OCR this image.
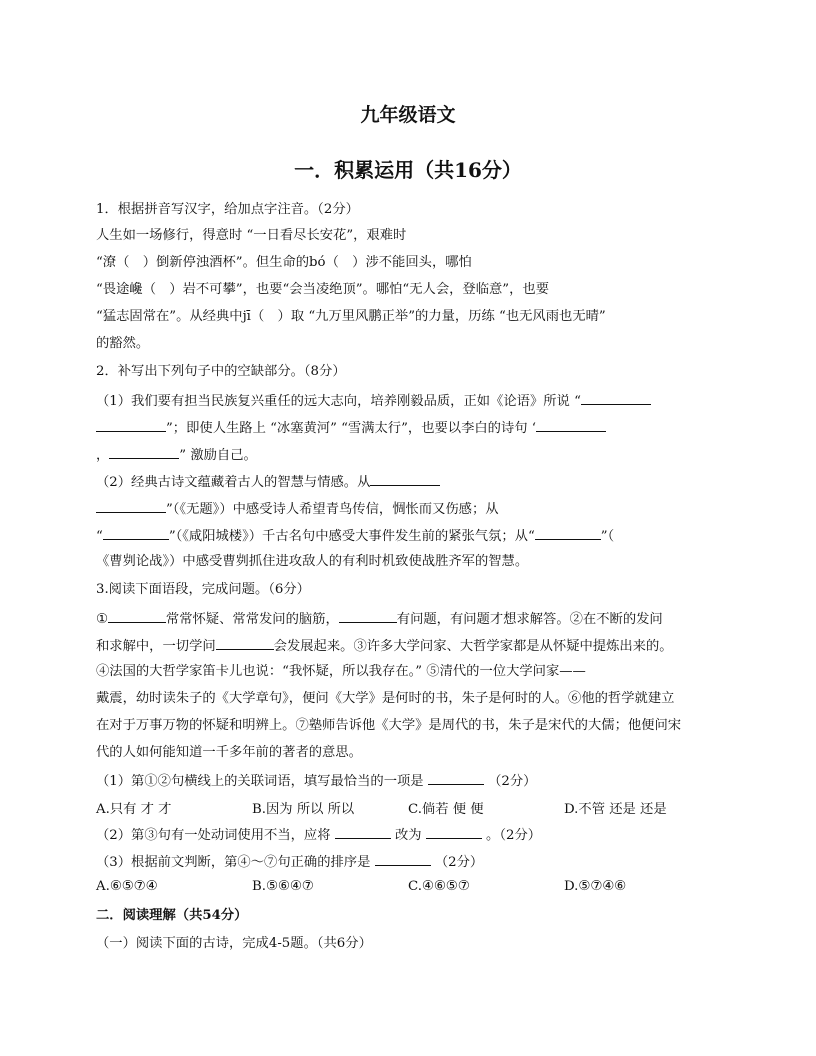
九年级语文
一．积累运用（共16分）
1．根据拼音写汉字，给加点字注音。（2分）
人生如一场修行，得意时 “一日看尽长安花”，艰难时
“潦（　）倒新停浊酒杯”。但生命的bó（　）涉不能回头，哪怕
“畏途巉（　）岩不可攀”，也要“会当凌绝顶”。哪怕“无人会，登临意”，也要
“猛志固常在”。从经典中jī（　）取 “九万里风鹏正举”的力量，历练 “也无风雨也无晴”
的豁然。
2．补写出下列句子中的空缺部分。（8分）
（1）我们要有担当民族复兴重任的远大志向，培养刚毅品质，正如《论语》所说 “
”；即使人生路上 “冰塞黄河” “雪满太行”，也要以李白的诗句 ‘
，	” 激励自己。
（2）经典古诗文蕴藏着古人的智慧与情感。从
”（《无题》）中感受诗人希望青鸟传信，惆怅而又伤感；从
“	”（《咸阳城楼》）千古名句中感受大事件发生前的紧张气氛；从“	”（
《曹刿论战》）中感受曹刿抓住进攻敌人的有利时机致使战胜齐军的智慧。
3.阅读下面语段，完成问题。（6分）
①	常常怀疑、常常发问的脑筋，	有问题，有问题才想求解答。②在不断的发问
和求解中，一切学问	会发展起来。③许多大学问家、大哲学家都是从怀疑中提炼出来的。
④法国的大哲学家笛卡儿也说：“我怀疑，所以我存在。” ⑤清代的一位大学问家——
戴震，幼时读朱子的《大学章句》，便问《大学》是何时的书，朱子是何时的人。⑥他的哲学就建立
在对于万事万物的怀疑和明辨上。⑦塾师告诉他《大学》是周代的书，朱子是宋代的大儒；他便问宋
代的人如何能知道一千多年前的著者的意思。
（1）第①②句横线上的关联词语，填写最恰当的一项是	（2分）
A.只有 才 才	B.因为 所以 所以	C.倘若 便 便	D.不管 还是 还是
（2）第③句有一处动词使用不当，应将	改为	。（2分）
（3）根据前文判断，第④～⑦句正确的排序是	（2分）
A.⑥⑤⑦④	B.⑤⑥④⑦	C.④⑥⑤⑦	D.⑤⑦④⑥
二．阅读理解（共54分）
（一）阅读下面的古诗，完成4-5题。（共6分）
